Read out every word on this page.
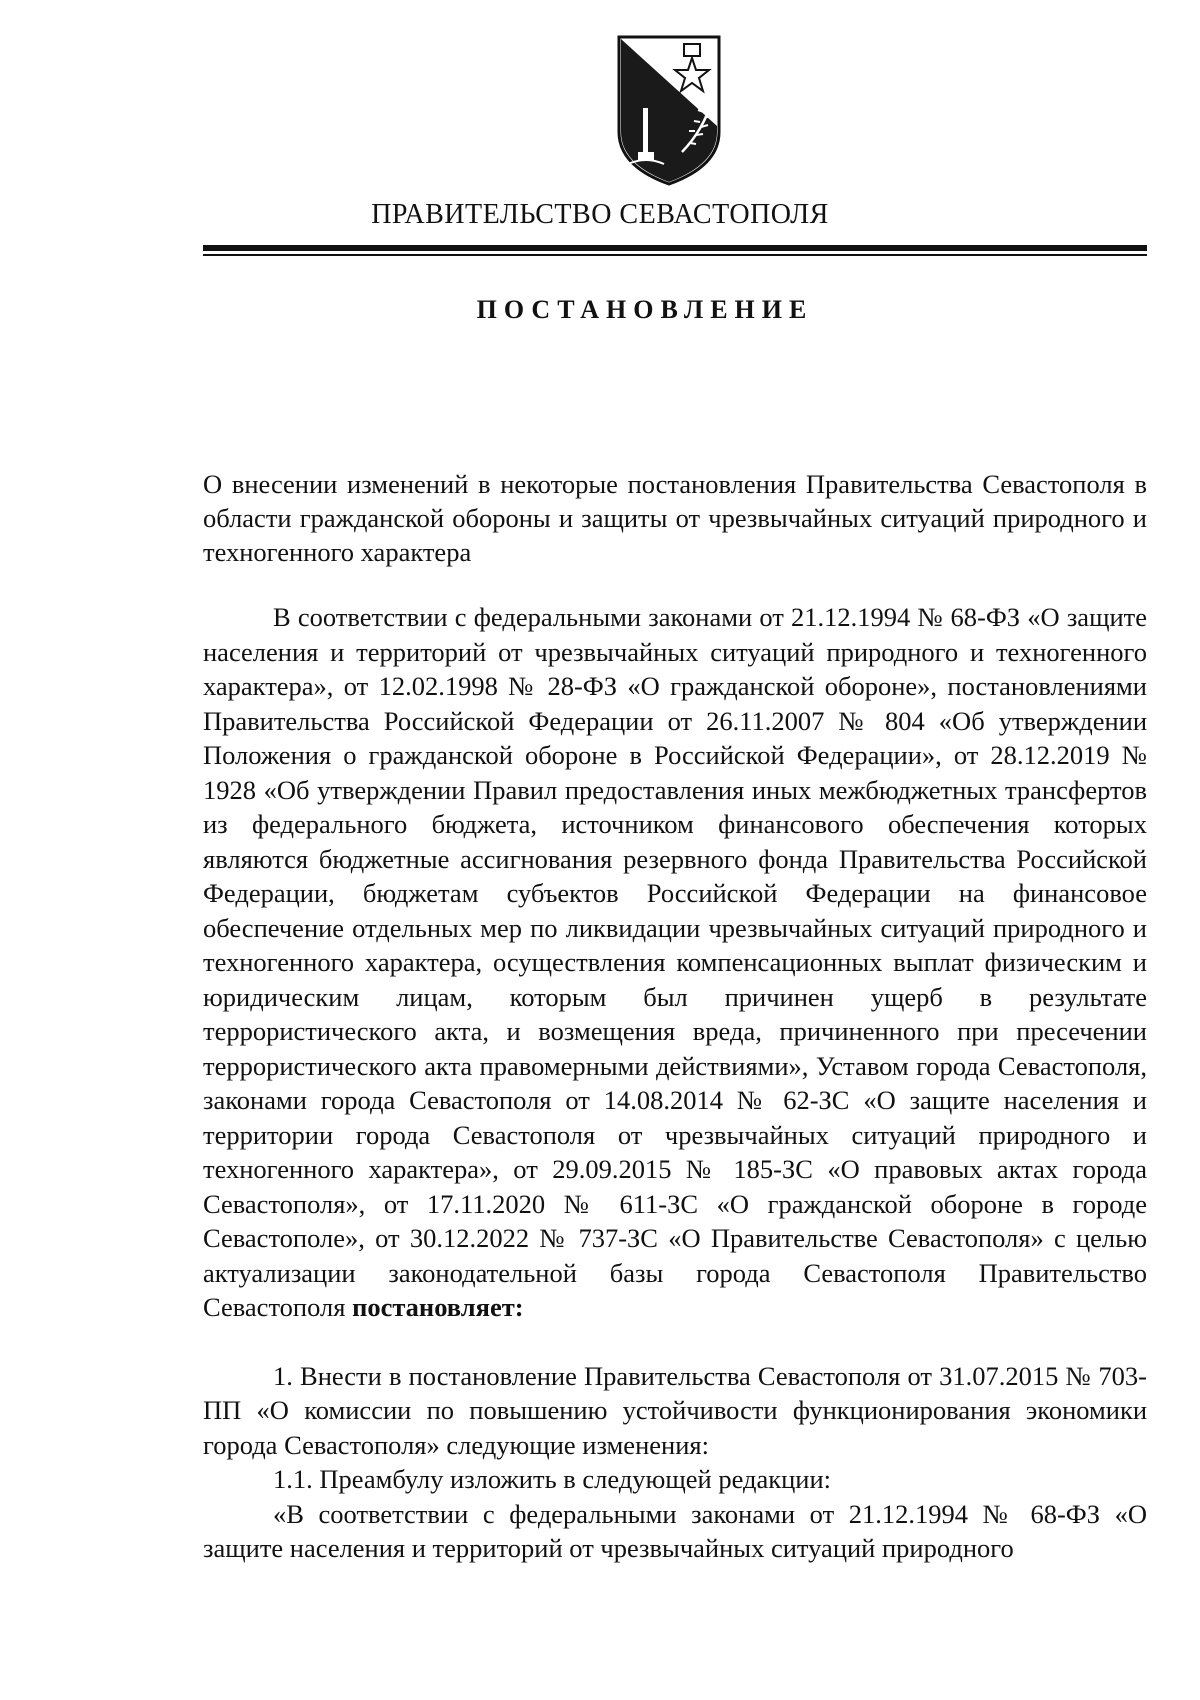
ПРАВИТЕЛЬСТВО СЕВАСТОПОЛЯ
ПОСТАНОВЛЕНИЕ

О внесении изменений в некоторые постановления Правительства Севастополя в области гражданской обороны и защиты от чрезвычайных ситуаций природного и техногенного характера

В соответствии с федеральными законами от 21.12.1994 № 68-ФЗ «О защите населения и территорий от чрезвычайных ситуаций природного и техногенного характера», от 12.02.1998 № 28-ФЗ «О гражданской обороне», постановлениями Правительства Российской Федерации от 26.11.2007 № 804 «Об утверждении Положения о гражданской обороне в Российской Федерации», от 28.12.2019 № 1928 «Об утверждении Правил предоставления иных межбюджетных трансфертов из федерального бюджета, источником финансового обеспечения которых являются бюджетные ассигнования резервного фонда Правительства Российской Федерации, бюджетам субъектов Российской Федерации на финансовое обеспечение отдельных мер по ликвидации чрезвычайных ситуаций природного и техногенного характера, осуществления компенсационных выплат физическим и юридическим лицам, которым был причинен ущерб в результате террористического акта, и возмещения вреда, причиненного при пресечении террористического акта правомерными действиями», Уставом города Севастополя, законами города Севастополя от 14.08.2014 № 62-ЗС «О защите населения и территории города Севастополя от чрезвычайных ситуаций природного и техногенного характера», от 29.09.2015 № 185-ЗС «О правовых актах города Севастополя», от 17.11.2020 № 611-ЗС «О гражданской обороне в городе Севастополе», от 30.12.2022 № 737-ЗС «О Правительстве Севастополя» с целью актуализации законодательной базы города Севастополя Правительство Севастополя постановляет:

1. Внести в постановление Правительства Севастополя от 31.07.2015 № 703-ПП «О комиссии по повышению устойчивости функционирования экономики города Севастополя» следующие изменения:

1.1. Преамбулу изложить в следующей редакции:

«В соответствии с федеральными законами от 21.12.1994 № 68-ФЗ «О защите населения и территорий от чрезвычайных ситуаций природного
